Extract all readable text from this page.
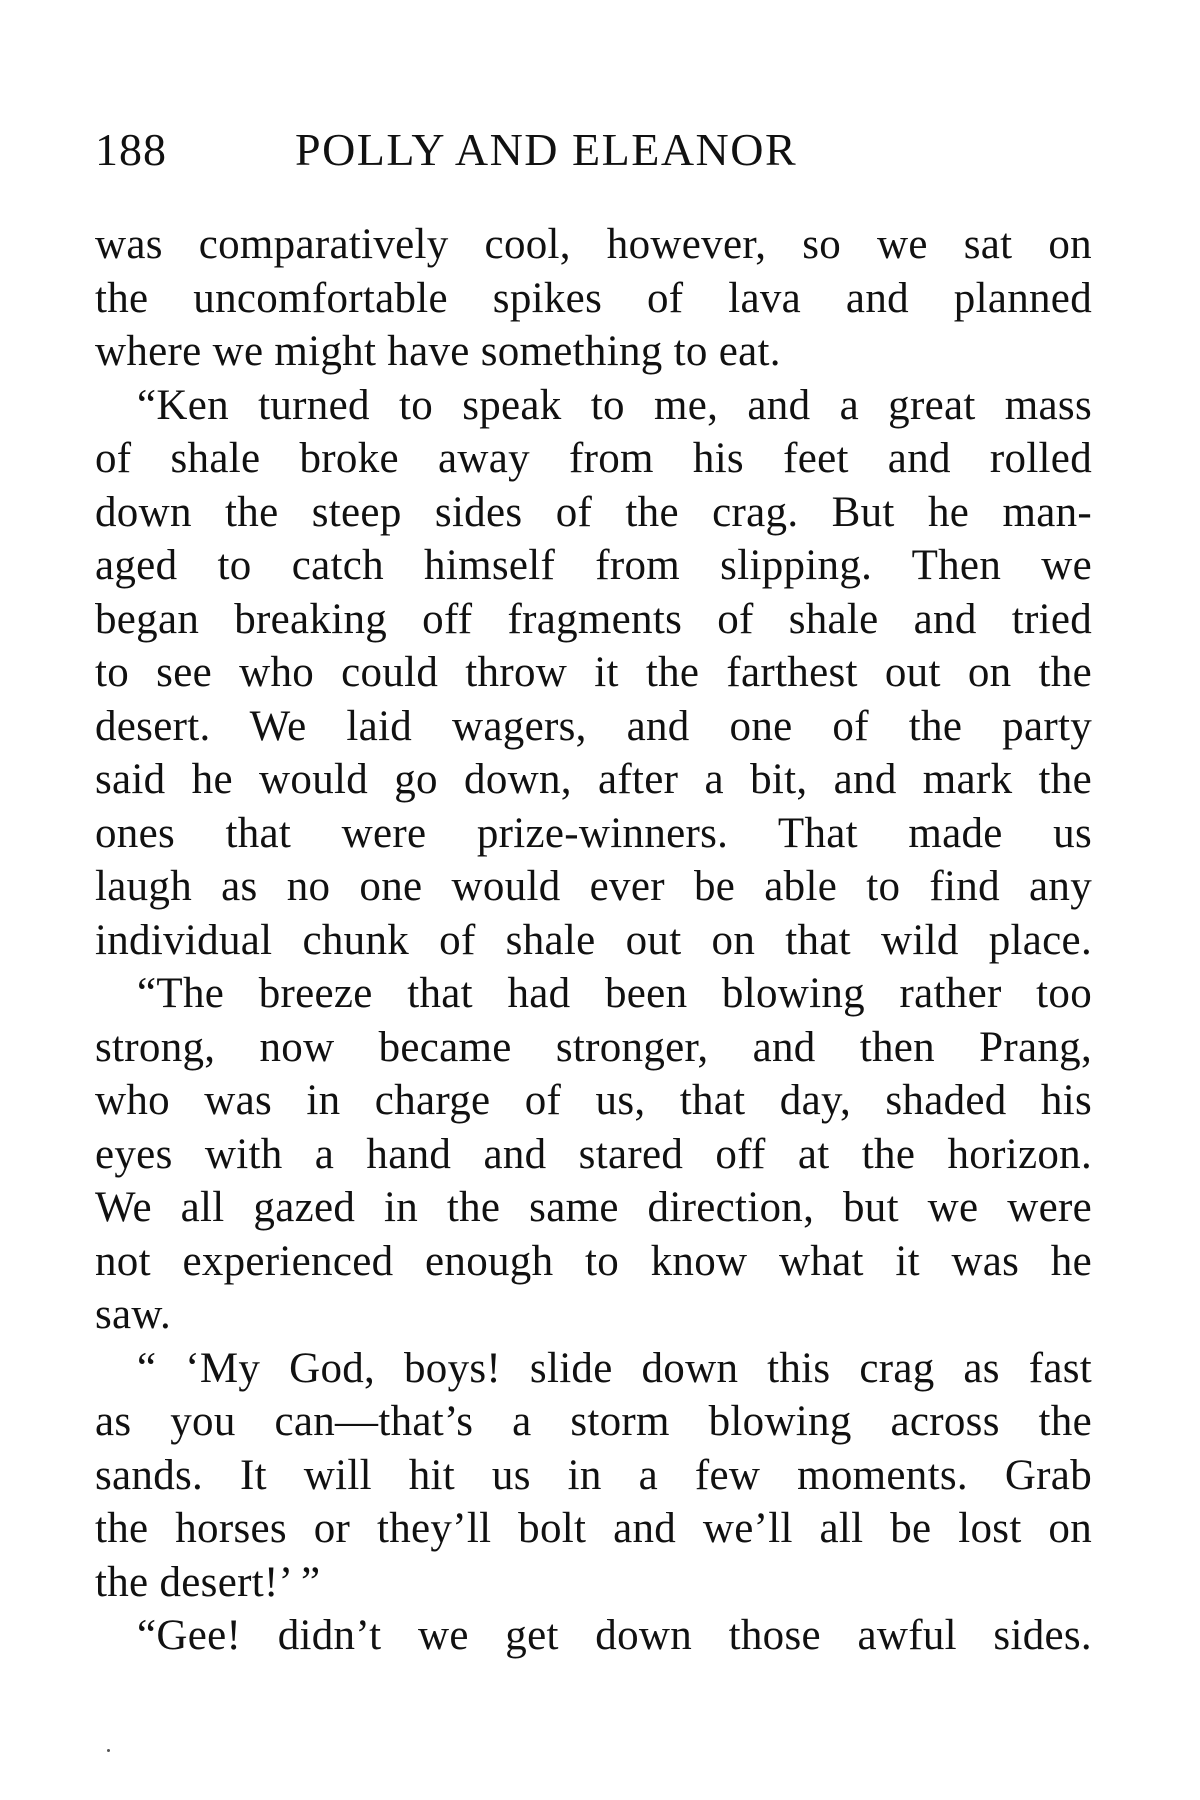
188	POLLY AND ELEANOR
was comparatively cool, however, so we sat on
the uncomfortable spikes of lava and planned
where we might have something to eat.
“Ken turned to speak to me, and a great mass
of shale broke away from his feet and rolled
down the steep sides of the crag. But he man-
aged to catch himself from slipping. Then we
began breaking off fragments of shale and tried
to see who could throw it the farthest out on the
desert. We laid wagers, and one of the party
said he would go down, after a bit, and mark the
ones that were prize-winners. That made us
laugh as no one would ever be able to find any
individual chunk of shale out on that wild place.
“The breeze that had been blowing rather too
strong, now became stronger, and then Prang,
who was in charge of us, that day, shaded his
eyes with a hand and stared off at the horizon.
We all gazed in the same direction, but we were
not experienced enough to know what it was he
saw.
“ ‘My God, boys! slide down this crag as fast
as you can—that’s a storm blowing across the
sands. It will hit us in a few moments. Grab
the horses or they’ll bolt and we’ll all be lost on
the desert!’ ”
“Gee! didn’t we get down those awful sides.
